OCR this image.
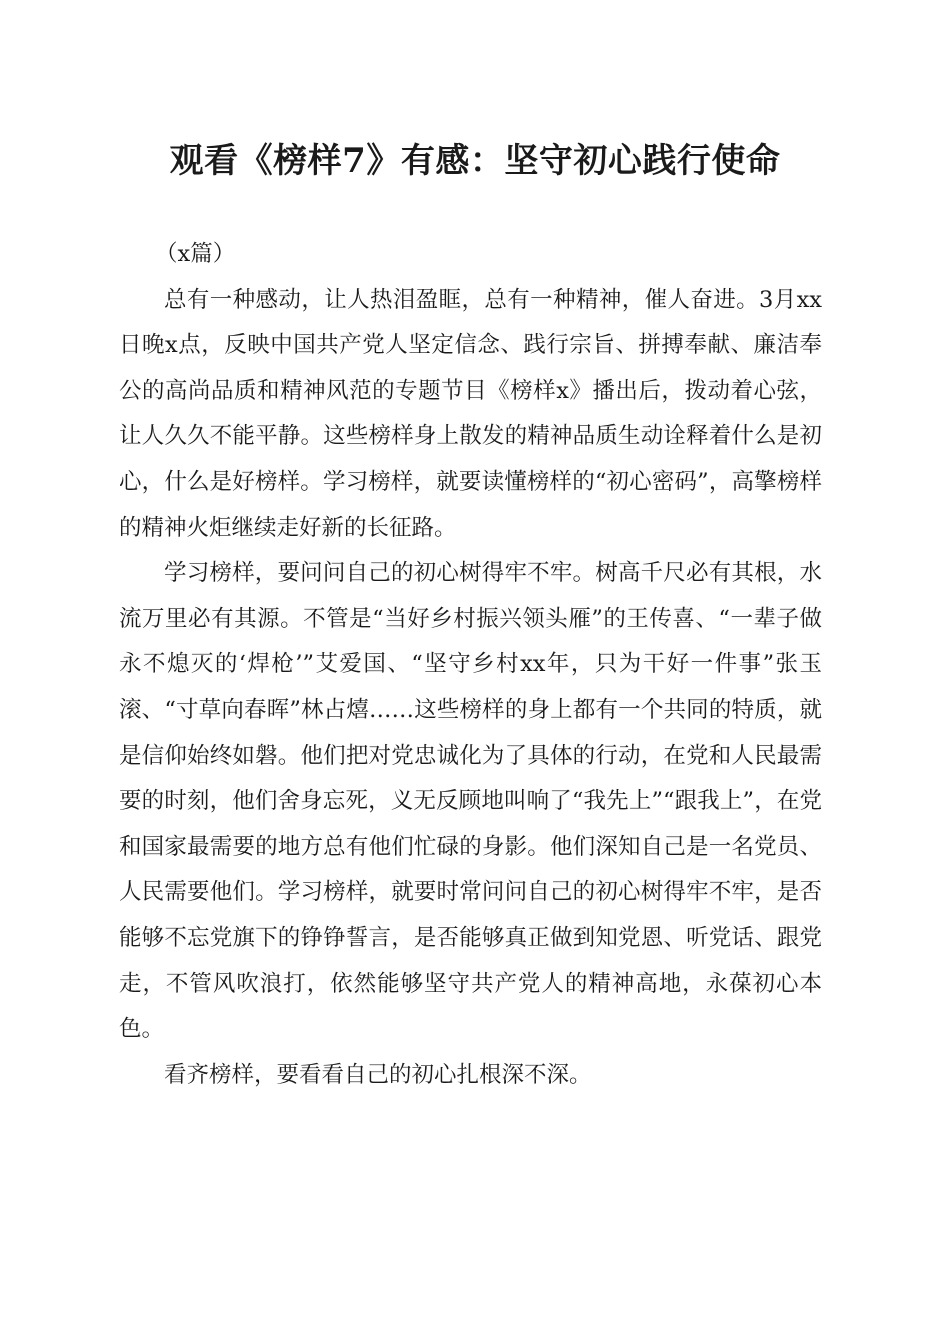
观看《榜样7》有感：坚守初心践行使命

（x篇）

总有一种感动，让人热泪盈眶，总有一种精神，催人奋进。3月xx日晚x点，反映中国共产党人坚定信念、践行宗旨、拼搏奉献、廉洁奉公的高尚品质和精神风范的专题节目《榜样x》播出后，拨动着心弦，让人久久不能平静。这些榜样身上散发的精神品质生动诠释着什么是初心，什么是好榜样。学习榜样，就要读懂榜样的“初心密码”，高擎榜样的精神火炬继续走好新的长征路。

学习榜样，要问问自己的初心树得牢不牢。树高千尺必有其根，水流万里必有其源。不管是“当好乡村振兴领头雁”的王传喜、“一辈子做永不熄灭的‘焊枪’”艾爱国、“坚守乡村xx年，只为干好一件事”张玉滚、“寸草向春晖”林占熺……这些榜样的身上都有一个共同的特质，就是信仰始终如磐。他们把对党忠诚化为了具体的行动，在党和人民最需要的时刻，他们舍身忘死，义无反顾地叫响了“我先上”“跟我上”，在党和国家最需要的地方总有他们忙碌的身影。他们深知自己是一名党员、人民需要他们。学习榜样，就要时常问问自己的初心树得牢不牢，是否能够不忘党旗下的铮铮誓言，是否能够真正做到知党恩、听党话、跟党走，不管风吹浪打，依然能够坚守共产党人的精神高地，永葆初心本色。

看齐榜样，要看看自己的初心扎根深不深。
